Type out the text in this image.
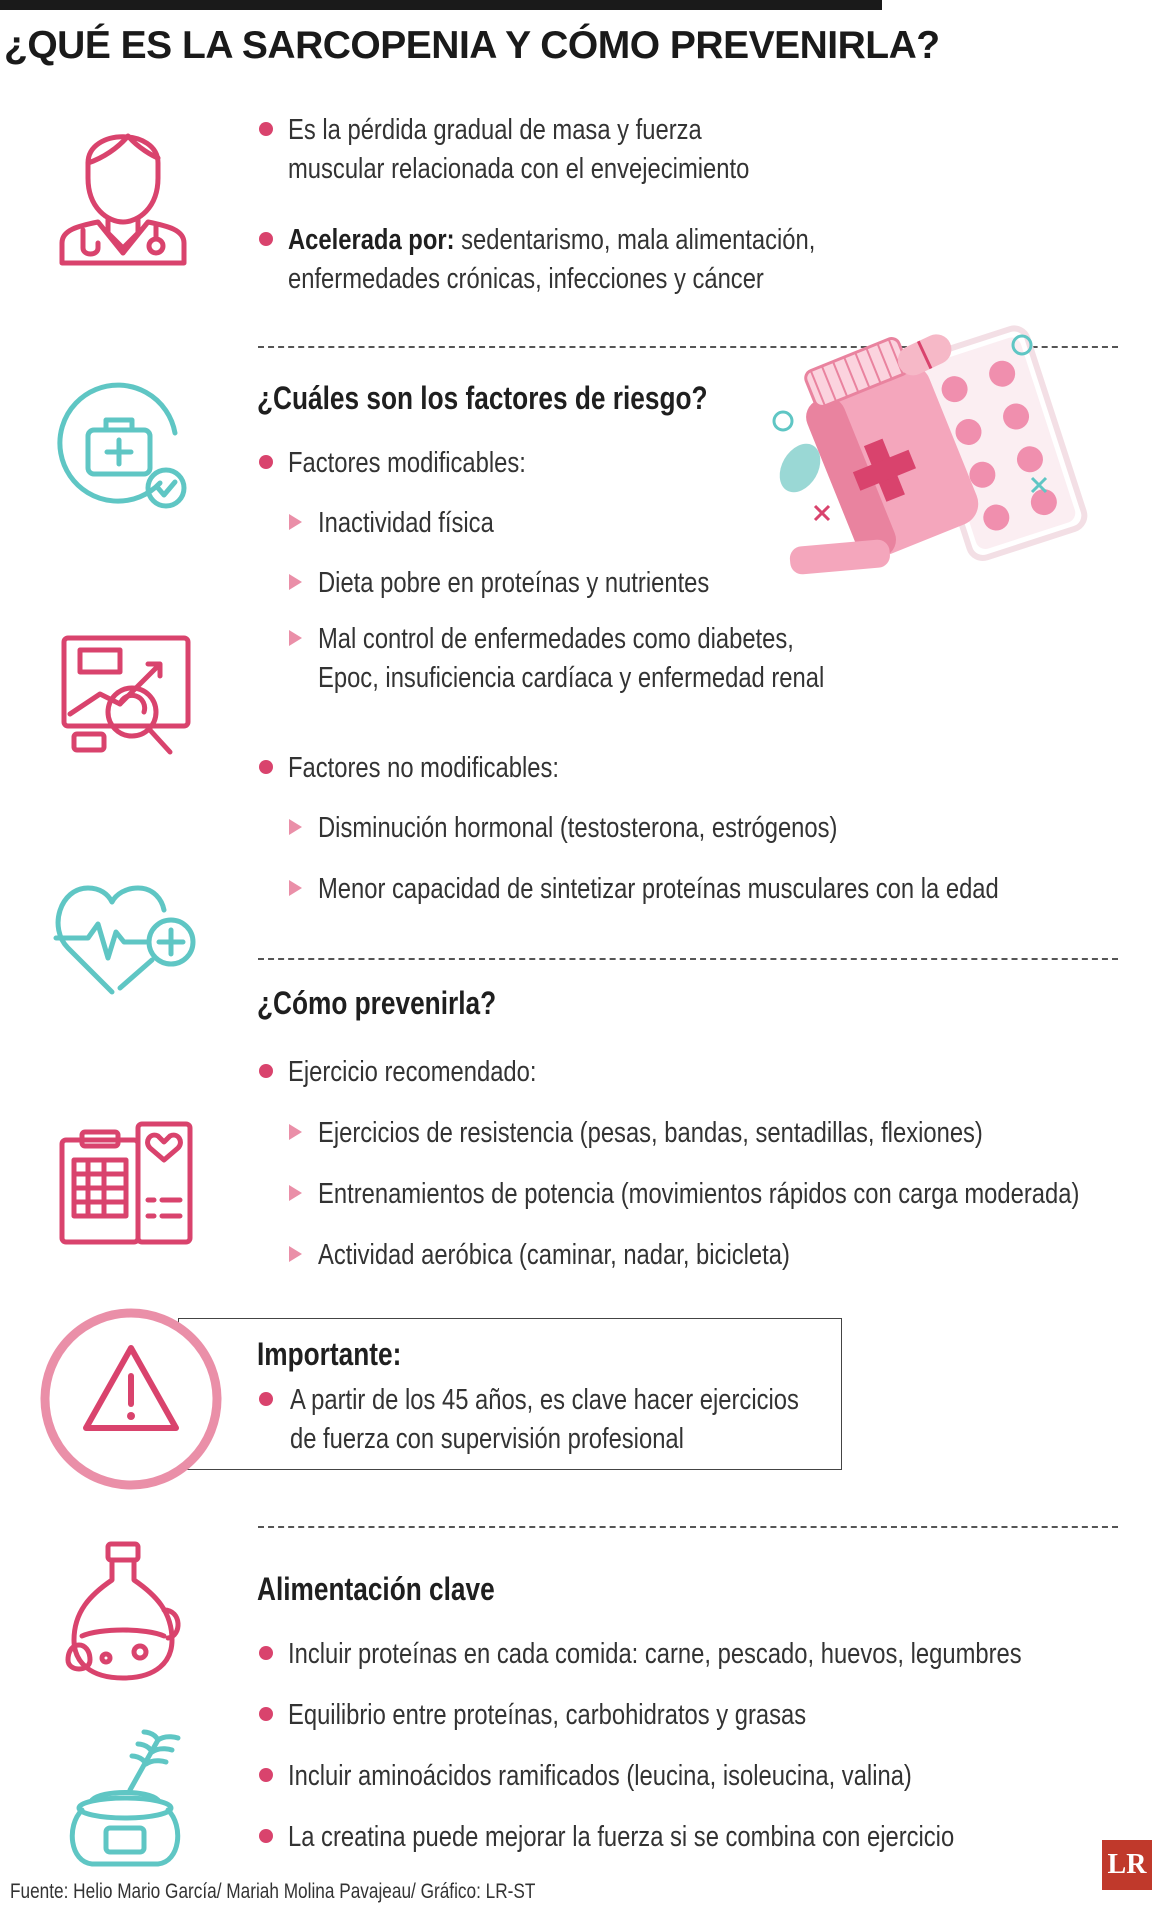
¿QUÉ ES LA SARCOPENIA Y CÓMO PREVENIRLA?
Es la pérdida gradual de masa y fuerza
muscular relacionada con el envejecimiento
Acelerada por: sedentarismo, mala alimentación,
enfermedades crónicas, infecciones y cáncer
¿Cuáles son los factores de riesgo?
Factores modificables:
Inactividad física
Dieta pobre en proteínas y nutrientes
Mal control de enfermedades como diabetes,
Epoc, insuficiencia cardíaca y enfermedad renal
Factores no modificables:
Disminución hormonal (testosterona, estrógenos)
Menor capacidad de sintetizar proteínas musculares con la edad
¿Cómo prevenirla?
Ejercicio recomendado:
Ejercicios de resistencia (pesas, bandas, sentadillas, flexiones)
Entrenamientos de potencia (movimientos rápidos con carga moderada)
Actividad aeróbica (caminar, nadar, bicicleta)
Importante:
A partir de los 45 años, es clave hacer ejercicios
de fuerza con supervisión profesional
Alimentación clave
Incluir proteínas en cada comida: carne, pescado, huevos, legumbres
Equilibrio entre proteínas, carbohidratos y grasas
Incluir aminoácidos ramificados (leucina, isoleucina, valina)
La creatina puede mejorar la fuerza si se combina con ejercicio
Fuente: Helio Mario García/ Mariah Molina Pavajeau/ Gráfico: LR-ST
LR
